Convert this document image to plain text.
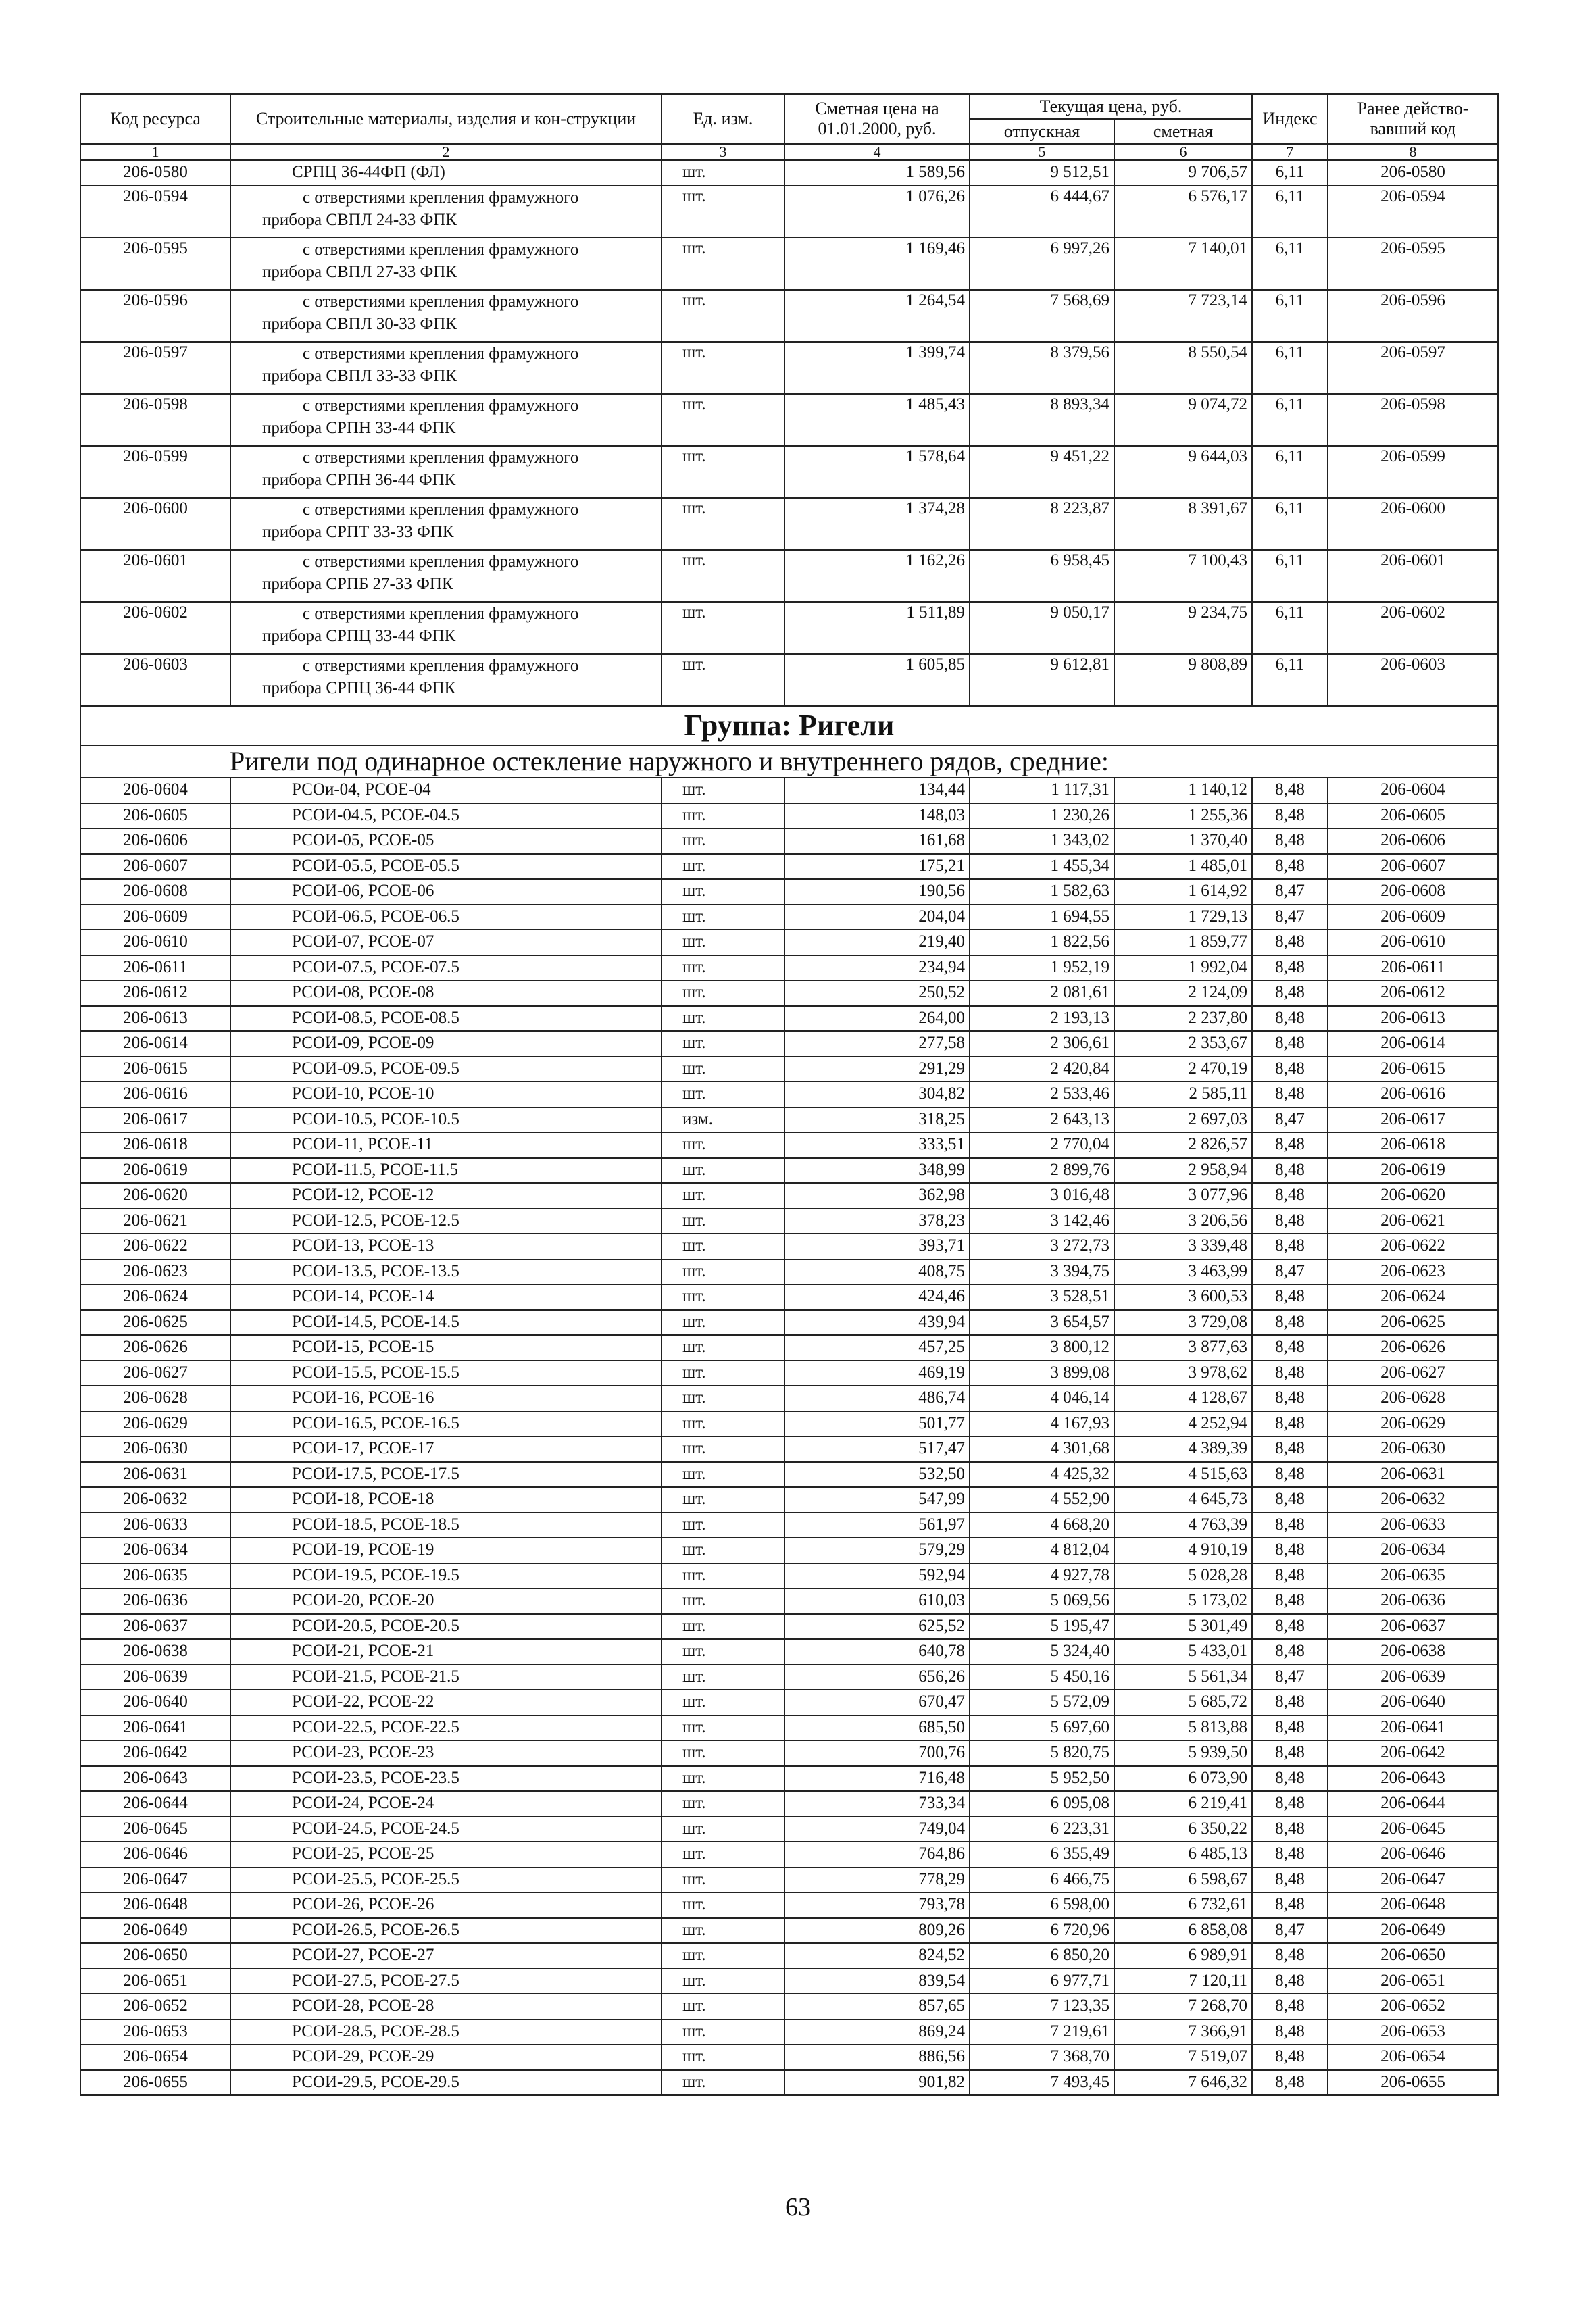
Код ресурса	Строительные материалы, изделия и кон-струкции	Ед. изм.	Сметная цена на 01.01.2000, руб.	Текущая цена, руб.		Индекс	Ранее действо-вавший код
				отпускная	сметная		
1	2	3	4	5	6	7	8
206-0580	СРПЦ 36-44ФП (ФЛ)	шт.	1 589,56	9 512,51	9 706,57	6,11	206-0580
206-0594	с отверстиями крепления фрамужного
прибора СВПЛ 24-33 ФПК	шт.	1 076,26	6 444,67	6 576,17	6,11	206-0594
206-0595	с отверстиями крепления фрамужного
прибора СВПЛ 27-33 ФПК	шт.	1 169,46	6 997,26	7 140,01	6,11	206-0595
206-0596	с отверстиями крепления фрамужного
прибора СВПЛ 30-33 ФПК	шт.	1 264,54	7 568,69	7 723,14	6,11	206-0596
206-0597	с отверстиями крепления фрамужного
прибора СВПЛ 33-33 ФПК	шт.	1 399,74	8 379,56	8 550,54	6,11	206-0597
206-0598	с отверстиями крепления фрамужного
прибора СРПН 33-44 ФПК	шт.	1 485,43	8 893,34	9 074,72	6,11	206-0598
206-0599	с отверстиями крепления фрамужного
прибора СРПН 36-44 ФПК	шт.	1 578,64	9 451,22	9 644,03	6,11	206-0599
206-0600	с отверстиями крепления фрамужного
прибора СРПТ 33-33 ФПК	шт.	1 374,28	8 223,87	8 391,67	6,11	206-0600
206-0601	с отверстиями крепления фрамужного
прибора СРПБ 27-33 ФПК	шт.	1 162,26	6 958,45	7 100,43	6,11	206-0601
206-0602	с отверстиями крепления фрамужного
прибора СРПЦ 33-44 ФПК	шт.	1 511,89	9 050,17	9 234,75	6,11	206-0602
206-0603	с отверстиями крепления фрамужного
прибора СРПЦ 36-44 ФПК	шт.	1 605,85	9 612,81	9 808,89	6,11	206-0603
Группа: Ригели							
Ригели под одинарное остекление наружного и внутреннего рядов, средние:							
206-0604	РСОи-04, РСОЕ-04	шт.	134,44	1 117,31	1 140,12	8,48	206-0604
206-0605	РСОИ-04.5, РСОЕ-04.5	шт.	148,03	1 230,26	1 255,36	8,48	206-0605
206-0606	РСОИ-05, РСОЕ-05	шт.	161,68	1 343,02	1 370,40	8,48	206-0606
206-0607	РСОИ-05.5, РСОЕ-05.5	шт.	175,21	1 455,34	1 485,01	8,48	206-0607
206-0608	РСОИ-06, РСОЕ-06	шт.	190,56	1 582,63	1 614,92	8,47	206-0608
206-0609	РСОИ-06.5, РСОЕ-06.5	шт.	204,04	1 694,55	1 729,13	8,47	206-0609
206-0610	РСОИ-07, РСОЕ-07	шт.	219,40	1 822,56	1 859,77	8,48	206-0610
206-0611	РСОИ-07.5, РСОЕ-07.5	шт.	234,94	1 952,19	1 992,04	8,48	206-0611
206-0612	РСОИ-08, РСОЕ-08	шт.	250,52	2 081,61	2 124,09	8,48	206-0612
206-0613	РСОИ-08.5, РСОЕ-08.5	шт.	264,00	2 193,13	2 237,80	8,48	206-0613
206-0614	РСОИ-09, РСОЕ-09	шт.	277,58	2 306,61	2 353,67	8,48	206-0614
206-0615	РСОИ-09.5, РСОЕ-09.5	шт.	291,29	2 420,84	2 470,19	8,48	206-0615
206-0616	РСОИ-10, РСОЕ-10	шт.	304,82	2 533,46	2 585,11	8,48	206-0616
206-0617	РСОИ-10.5, РСОЕ-10.5	изм.	318,25	2 643,13	2 697,03	8,47	206-0617
206-0618	РСОИ-11, РСОЕ-11	шт.	333,51	2 770,04	2 826,57	8,48	206-0618
206-0619	РСОИ-11.5, РСОЕ-11.5	шт.	348,99	2 899,76	2 958,94	8,48	206-0619
206-0620	РСОИ-12, РСОЕ-12	шт.	362,98	3 016,48	3 077,96	8,48	206-0620
206-0621	РСОИ-12.5, РСОЕ-12.5	шт.	378,23	3 142,46	3 206,56	8,48	206-0621
206-0622	РСОИ-13, РСОЕ-13	шт.	393,71	3 272,73	3 339,48	8,48	206-0622
206-0623	РСОИ-13.5, РСОЕ-13.5	шт.	408,75	3 394,75	3 463,99	8,47	206-0623
206-0624	РСОИ-14, РСОЕ-14	шт.	424,46	3 528,51	3 600,53	8,48	206-0624
206-0625	РСОИ-14.5, РСОЕ-14.5	шт.	439,94	3 654,57	3 729,08	8,48	206-0625
206-0626	РСОИ-15, РСОЕ-15	шт.	457,25	3 800,12	3 877,63	8,48	206-0626
206-0627	РСОИ-15.5, РСОЕ-15.5	шт.	469,19	3 899,08	3 978,62	8,48	206-0627
206-0628	РСОИ-16, РСОЕ-16	шт.	486,74	4 046,14	4 128,67	8,48	206-0628
206-0629	РСОИ-16.5, РСОЕ-16.5	шт.	501,77	4 167,93	4 252,94	8,48	206-0629
206-0630	РСОИ-17, РСОЕ-17	шт.	517,47	4 301,68	4 389,39	8,48	206-0630
206-0631	РСОИ-17.5, РСОЕ-17.5	шт.	532,50	4 425,32	4 515,63	8,48	206-0631
206-0632	РСОИ-18, РСОЕ-18	шт.	547,99	4 552,90	4 645,73	8,48	206-0632
206-0633	РСОИ-18.5, РСОЕ-18.5	шт.	561,97	4 668,20	4 763,39	8,48	206-0633
206-0634	РСОИ-19, РСОЕ-19	шт.	579,29	4 812,04	4 910,19	8,48	206-0634
206-0635	РСОИ-19.5, РСОЕ-19.5	шт.	592,94	4 927,78	5 028,28	8,48	206-0635
206-0636	РСОИ-20, РСОЕ-20	шт.	610,03	5 069,56	5 173,02	8,48	206-0636
206-0637	РСОИ-20.5, РСОЕ-20.5	шт.	625,52	5 195,47	5 301,49	8,48	206-0637
206-0638	РСОИ-21, РСОЕ-21	шт.	640,78	5 324,40	5 433,01	8,48	206-0638
206-0639	РСОИ-21.5, РСОЕ-21.5	шт.	656,26	5 450,16	5 561,34	8,47	206-0639
206-0640	РСОИ-22, РСОЕ-22	шт.	670,47	5 572,09	5 685,72	8,48	206-0640
206-0641	РСОИ-22.5, РСОЕ-22.5	шт.	685,50	5 697,60	5 813,88	8,48	206-0641
206-0642	РСОИ-23, РСОЕ-23	шт.	700,76	5 820,75	5 939,50	8,48	206-0642
206-0643	РСОИ-23.5, РСОЕ-23.5	шт.	716,48	5 952,50	6 073,90	8,48	206-0643
206-0644	РСОИ-24, РСОЕ-24	шт.	733,34	6 095,08	6 219,41	8,48	206-0644
206-0645	РСОИ-24.5, РСОЕ-24.5	шт.	749,04	6 223,31	6 350,22	8,48	206-0645
206-0646	РСОИ-25, РСОЕ-25	шт.	764,86	6 355,49	6 485,13	8,48	206-0646
206-0647	РСОИ-25.5, РСОЕ-25.5	шт.	778,29	6 466,75	6 598,67	8,48	206-0647
206-0648	РСОИ-26, РСОЕ-26	шт.	793,78	6 598,00	6 732,61	8,48	206-0648
206-0649	РСОИ-26.5, РСОЕ-26.5	шт.	809,26	6 720,96	6 858,08	8,47	206-0649
206-0650	РСОИ-27, РСОЕ-27	шт.	824,52	6 850,20	6 989,91	8,48	206-0650
206-0651	РСОИ-27.5, РСОЕ-27.5	шт.	839,54	6 977,71	7 120,11	8,48	206-0651
206-0652	РСОИ-28, РСОЕ-28	шт.	857,65	7 123,35	7 268,70	8,48	206-0652
206-0653	РСОИ-28.5, РСОЕ-28.5	шт.	869,24	7 219,61	7 366,91	8,48	206-0653
206-0654	РСОИ-29, РСОЕ-29	шт.	886,56	7 368,70	7 519,07	8,48	206-0654
206-0655	РСОИ-29.5, РСОЕ-29.5	шт.	901,82	7 493,45	7 646,32	8,48	206-0655
63
